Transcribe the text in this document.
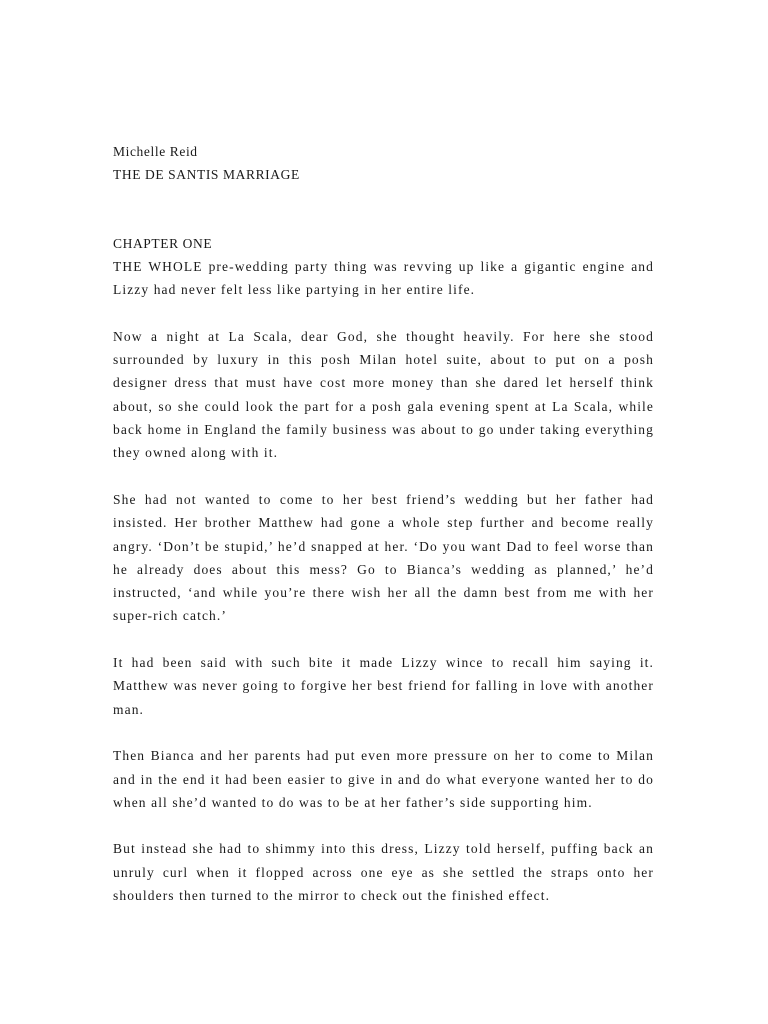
Michelle Reid

THE DE SANTIS MARRIAGE

CHAPTER ONE

THE WHOLE pre-wedding party thing was revving up like a gigantic engine and Lizzy had never felt less like partying in her entire life.

Now a night at La Scala, dear God, she thought heavily. For here she stood surrounded by luxury in this posh Milan hotel suite, about to put on a posh designer dress that must have cost more money than she dared let herself think about, so she could look the part for a posh gala evening spent at La Scala, while back home in England the family business was about to go under taking everything they owned along with it.

She had not wanted to come to her best friend’s wedding but her father had insisted. Her brother Matthew had gone a whole step further and become really angry. ‘Don’t be stupid,’ he’d snapped at her. ‘Do you want Dad to feel worse than he already does about this mess? Go to Bianca’s wedding as planned,’ he’d instructed, ‘and while you’re there wish her all the damn best from me with her super-rich catch.’

It had been said with such bite it made Lizzy wince to recall him saying it. Matthew was never going to forgive her best friend for falling in love with another man.

Then Bianca and her parents had put even more pressure on her to come to Milan and in the end it had been easier to give in and do what everyone wanted her to do when all she’d wanted to do was to be at her father’s side supporting him.

But instead she had to shimmy into this dress, Lizzy told herself, puffing back an unruly curl when it flopped across one eye as she settled the straps onto her shoulders then turned to the mirror to check out the finished effect.
